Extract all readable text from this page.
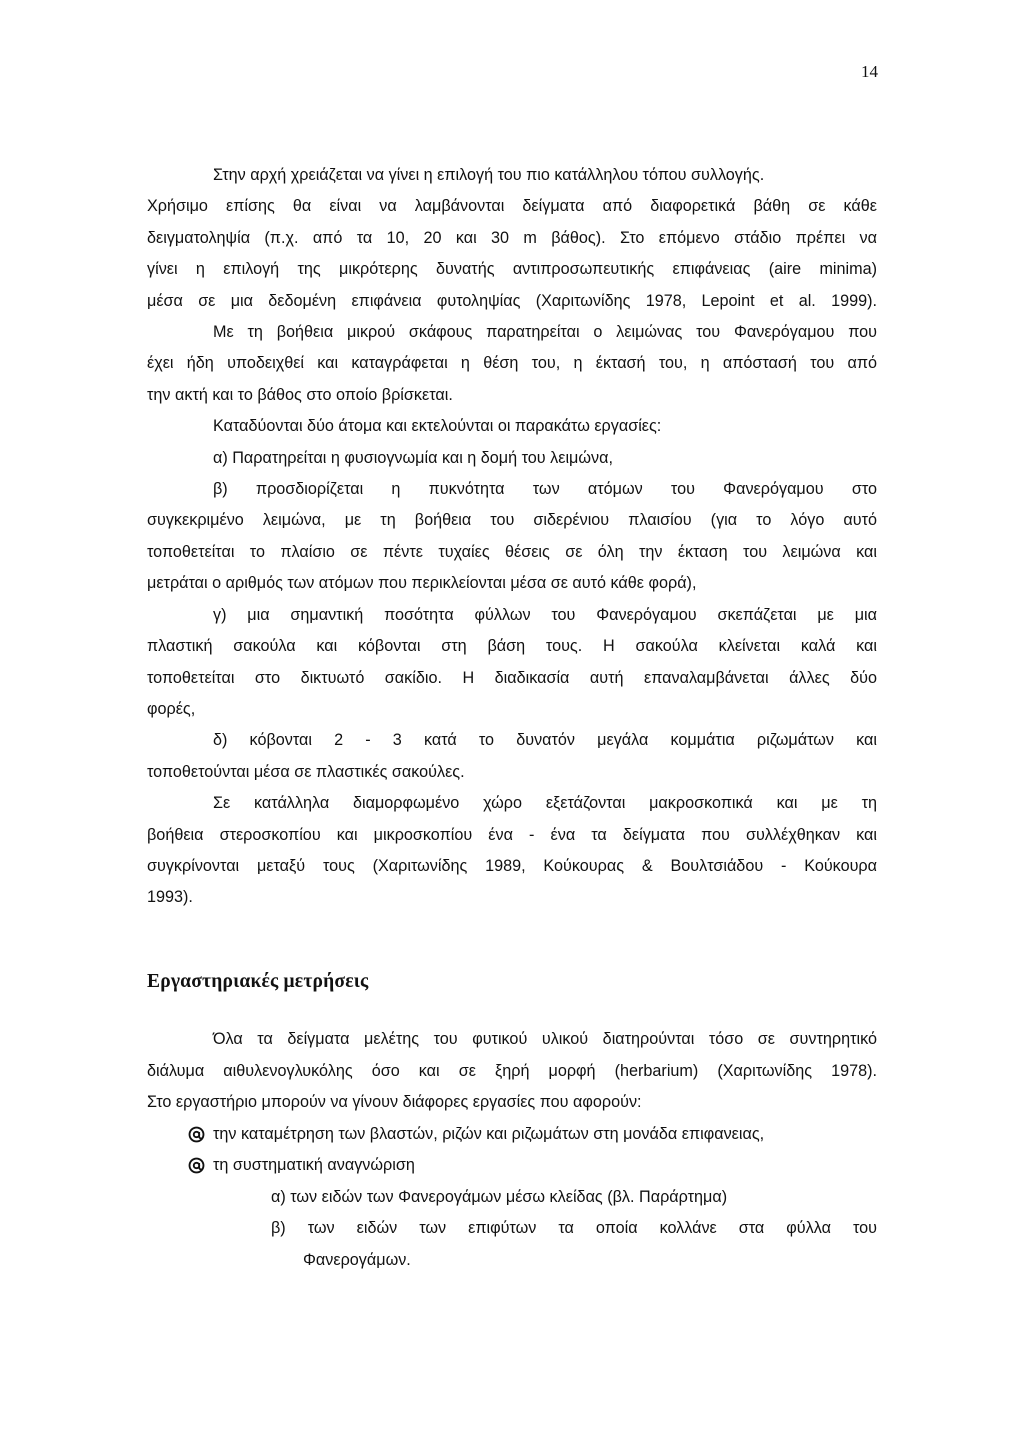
14

Στην αρχή χρειάζεται να γίνει η επιλογή του πιο κατάλληλου τόπου συλλογής.

Χρήσιμο επίσης θα είναι να λαμβάνονται δείγματα από διαφορετικά βάθη σε κάθε

δειγματοληψία (π.χ. από τα 10, 20 και 30 m βάθος). Στο επόμενο στάδιο πρέπει να

γίνει η επιλογή της μικρότερης δυνατής αντιπροσωπευτικής επιφάνειας (aire minima)

μέσα σε μια δεδομένη επιφάνεια φυτοληψίας (Χαριτωνίδης 1978, Lepoint et al. 1999).

Με τη βοήθεια μικρού σκάφους παρατηρείται ο λειμώνας του Φανερόγαμου που

έχει ήδη υποδειχθεί και καταγράφεται η θέση του, η έκτασή του, η απόστασή του από

την ακτή και το βάθος στο οποίο βρίσκεται.

Καταδύονται δύο άτομα και εκτελούνται οι παρακάτω εργασίες:

α) Παρατηρείται η φυσιογνωμία και η δομή του λειμώνα,

β) προσδιορίζεται η πυκνότητα των ατόμων του Φανερόγαμου στο

συγκεκριμένο λειμώνα, με τη βοήθεια του σιδερένιου πλαισίου (για το λόγο αυτό

τοποθετείται το πλαίσιο σε πέντε τυχαίες θέσεις σε όλη την έκταση του λειμώνα και

μετράται ο αριθμός των ατόμων που περικλείονται μέσα σε αυτό κάθε φορά),

γ) μια σημαντική ποσότητα φύλλων του Φανερόγαμου σκεπάζεται με μια

πλαστική σακούλα και κόβονται στη βάση τους. Η σακούλα κλείνεται καλά και

τοποθετείται στο δικτυωτό σακίδιο. Η διαδικασία αυτή επαναλαμβάνεται άλλες δύο

φορές,

δ) κόβονται 2 - 3 κατά το δυνατόν μεγάλα κομμάτια ριζωμάτων και

τοποθετούνται μέσα σε πλαστικές σακούλες.

Σε κατάλληλα διαμορφωμένο χώρο εξετάζονται μακροσκοπικά και με τη

βοήθεια στεροσκοπίου και μικροσκοπίου ένα - ένα τα δείγματα που συλλέχθηκαν και

συγκρίνονται μεταξύ τους (Χαριτωνίδης 1989, Κούκουρας & Βουλτσιάδου - Κούκουρα

1993).

Εργαστηριακές μετρήσεις

Όλα τα δείγματα μελέτης του φυτικού υλικού διατηρούνται τόσο σε συντηρητικό

διάλυμα αιθυλενογλυκόλης όσο και σε ξηρή μορφή (herbarium) (Χαριτωνίδης 1978).

Στο εργαστήριο μπορούν να γίνουν διάφορες εργασίες που αφορούν:

την καταμέτρηση των βλαστών, ριζών και ριζωμάτων στη μονάδα επιφανειας,

τη συστηματική αναγνώριση

α) των ειδών των Φανερογάμων μέσω κλείδας (βλ. Παράρτημα)

β) των ειδών των επιφύτων τα οποία κολλάνε στα φύλλα του

Φανερογάμων.
